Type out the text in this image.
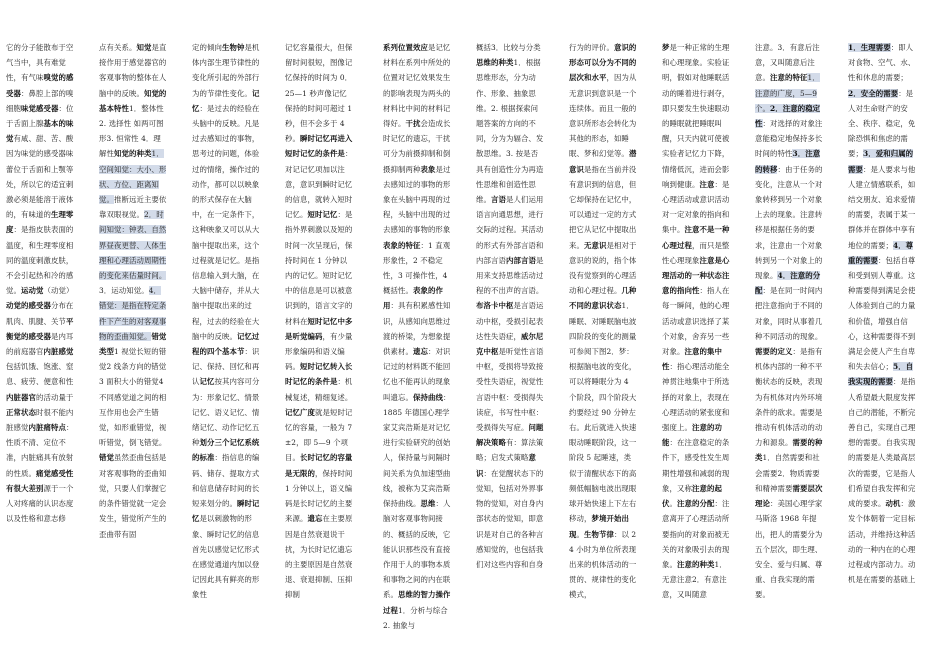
它的分子能散布于空气当中，具有难觉性，有气味嗅觉的感受器：鼻腔上部的嗅细胞味觉感受器：位于舌面上腺基本的味觉有咸、甜、苦、酸因为味觉的感受器味蕾位于舌面和上颚等处，所以它的适宜刺激必须是能溶于液体的，有味道的生理零度：是指皮肤表面的温度，和生理零度相同的温度刺激皮肤，不会引起热和冷的感觉。运动觉（动觉）动觉的感受器分布在肌肉、肌腱、关节平衡觉的感受器是内耳的前庭器官内脏感觉包括饥饿、饱涨、窒息、疲劳、便意和性内脏器官的活动量于正常状态时很不能内脏感觉内脏痛特点：性质不清、定位不准，内脏痛具有放射的性质。痛觉感受性有很大差别源于一个人对疼痛的认识态度以及性格和意志修

点有关系。知觉是直接作用于感觉器官的客观事物的整体在人脑中的反映。知觉的基本特性1．整体性 2. 选择性 如两可图形3. 恒常性 4．理解性知觉的种类1．空间知觉：大小、形状、方位、距离知觉。推断远近主要依靠双眼视觉。2．时间知觉：钟表、自然界昼夜更替、人体生理和心理活动周期性的变化来估量时间。3．运动知觉。4．错觉：是指在特定条件下产生的对客观事物的歪曲知觉。错觉类型1 视觉长短的错觉2 线条方向的错觉3 面积大小的错觉4 不同感觉道之间的相互作用也会产生错觉，如形重错觉，视听错觉，倒飞错觉。错觉虽然歪曲包括是对客观事物的歪曲知觉，只要人们掌握它的条件错觉就一定会发生，错觉所产生的歪曲带有固

定的倾向生物钟是机体内部生理节律性的变化所引起的外部行为的节律性变化。记忆：是过去的经验在头脑中的反映。凡是过去感知过的事物，思考过的问题，体验过的情绪，操作过的动作，都可以以映象的形式保存在大脑中，在一定条件下，这种映象又可以从大脑中提取出来，这个过程就是记忆。是指信息输入到大脑，在大脑中储存，并从大脑中提取出来的过程，过去的经验在大脑中的反映。记忆过程的四个基本节：识记、保持、回忆和再认记忆按其内容可分为：形象记忆、情景记忆、语义记忆、情绪记忆、动作记忆五种划分三个记忆系统的标准：指信息的编码、储存、提取方式和信息储存时间的长短来划分的。瞬时记忆是以刺激物的形象、瞬时记忆的信息首先以感觉记忆形式在感觉通道内加以登记因此具有鲜亮的形象性

记忆容量很大，但保留时间很短，图像记忆保持的时间为 0．25—1 秒声像记忆保持的时间可超过 1 秒，但不会多于 4 秒。瞬时记忆再进入短时记忆的条件是：对记记忆项加以注意，意识到瞬时记忆的信息，就转入短时记忆。短时记忆：是指外界刺激以及短的时间一次呈现后，保持时间在 1 分钟以内的记忆。短时记忆中的信息是可以被意识到的，语言文字的材料在短时记忆中多是听觉编码，有少量形象编码和语义编码。短时记忆转入长时记忆的条件是：机械复述，精细复述。记忆广度就是短时记忆的容量，一般为 7±2，即 5—9 个项目。长时记忆的容量是无限的，保持时间 1 分钟以上，语义编码是长时记忆的主要来源。遗忘在主要原因是自然衰退说干扰，为长时记忆遗忘的主要原因是自然衰退、衰退抑制、压抑抑制

系列位置效应是记忆材料在系列中所处的位置对记忆效果发生的影响表现为两头的材料比中间的材料记得好。干扰会造成长时记忆的遗忘，干扰可分为前摄抑制和倒摄抑制两种表象是过去感知过的事物的形象在头脑中再现的过程，头脑中出现的过去感知的事物的形象表象的特征：1 直观形象性，2 不稳定性，3 可操作性，4 概括性。表象的作用：具有积累感性知识，从感知向思维过渡的桥梁，为想象提供素材。遗忘：对识记过的材料既不能回忆也不能再认的现象叫遗忘。保持曲线：1885 年德国心理学家艾宾浩斯是对记忆进行实验研究的创始人，保持量与间隔时间关系为负加速型曲线，被称为艾宾浩斯保持曲线。思维：人脑对客观事物间接的、概括的反映，它能认识那些没有直接作用于人的事物本质和事物之间的内在联系。思维的智力操作过程1．分析与综合 2. 抽象与

概括3．比较与分类思维的种类1．根据思维形态，分为动作、形象、抽象思维。2. 根据探索问题答案的方向的不同，分为为辐合、发散思维。3. 按是否具有创造性分为再造性思维和创造性思维。言语是人们运用语言向通思想，进行交际的过程。其活动的形式有外部言语和内部言语内部言语是用来支持思维活动过程的不出声的言语。布洛卡中枢是言语运动中枢，受损引起表达性失语症，威尔尼克中枢是听觉性言语中枢，受损将导致接受性失语症，视觉性言语中枢：受损得失读症，书写性中枢：受损得失写症。问题解决策略有：算法策略；启发式策略意识：在觉醒状态下的觉知，包括对外界事物的觉知，对自身内部状态的觉知，即意识是对自己的各种言感知觉的，也包括我们对这些内容和自身

行为的评价。意识的形态可以分为不同的层次和水平，因为从无意识到意识是一个连续体。而且一般的意识所形态会转化为其他的形态，如睡眠、梦和幻觉等。潜意识是指在当前并没有意识到的信息，但它却保持在记忆中，可以通过一定的方式把它从记忆中提取出来。无意识是相对于意识的说的，指个体没有觉察到的心理活动和心理过程。几种不同的意识状态1．睡眠、对睡眠脑电波四阶段的变化的测量可参阅下图2．梦：根据脑电波的变化，可以将睡眠分为 4 个阶段，四个阶段大约要经过 90 分钟左右。此后就进入快速眼动睡眠阶段，这一阶段 5 起睡速，类似于清醒状态下的高频低幅脑电波出现眼球开始快速上下左右移动，梦境开始出现。生物节律：以 24 小时为单位所表现出来的机体活动的一贯的、规律性的变化模式，

梦是一种正常的生理和心理现象。实验证明，假如对他睡眠活动的睡着进行剥夺，即只要发生快速眼动的睡眠就把睡眠叫醒，只天内就可使被实验者记忆力下降，情绪低沉，进而会影响到健康。注意：是心理活动或意识活动对一定对象的指向和集中。注意不是一种心理过程，而只是整性心理现象注意是心理活动的一种状态注意的指向性：指人在每一瞬间，他的心理活动或意识选择了某个对象，舍弃另一些对象。注意的集中性：指心理活动能全神贯注地集中于所选择的对象上，表现在心理活动的紧张度和强度上。注意的功能：在注意稳定的条件下，感受性发生周期性增强和减弱的现象，又称注意的起伏。注意的分配：注意离开了心理活动所要指向的对象而被无关的对象吸引去的现象。注意的种类1．无意注意2．有意注意，又叫随意

注意。3．有意后注意，又叫随意后注意。注意的特征1．注意的广度，5—9 个。2．注意的稳定性：对选择的对象注意能稳定地保持多长时间的特性3．注意的转移：由于任务的变化，注意从一个对象转移到另一个对象上去的现象。注意转移是根据任务的要求，注意由一个对象转到另一个对象上的现象。4．注意的分配：是在同一时间内把注意指向于不同的对象，同时从事着几种不同活动的现象。需要的定义：是指有机体内部的一种不平衡状态的反映，表现为有机体对内外环境条件的欲求。需要是推动有机体活动的动力和源泉。需要的种类1．自然需要和社会需要2．物质需要和精神需要需要层次理论：美国心理学家马斯洛 1968 年提出，把人的需要分为五个层次，即生理、安全、爱与归属、尊重、自我实现的需要。

1．生理需要：即人对食物、空气、水、性和休息的需要；2．安全的需要：是人对生命财产的安全、秩序、稳定，免除恐惧和焦虑的需要；3．爱和归属的需要：是人要求与他人建立情感联系，如结交朋友、追求爱情的需要，表属于某一群体并在群体中享有地位的需要；4．尊重的需要：包括自尊和受到别人尊重。这种需要得到满足会使人体验到自己的力量和价值，增强自信心，这种需要得不到满足会使人产生自卑和失去信心；5．自我实现的需要：是指人希望最大限度发挥自己的潜能，不断完善自己，实现自己理想的需要。自我实现的需要是人类最高层次的需要，它是指人们希望自我发挥和完成的要求。动机：激发个体朝着一定目标活动，并维持这种活动的一种内在的心理过程或内部动力。动机是在需要的基础上
